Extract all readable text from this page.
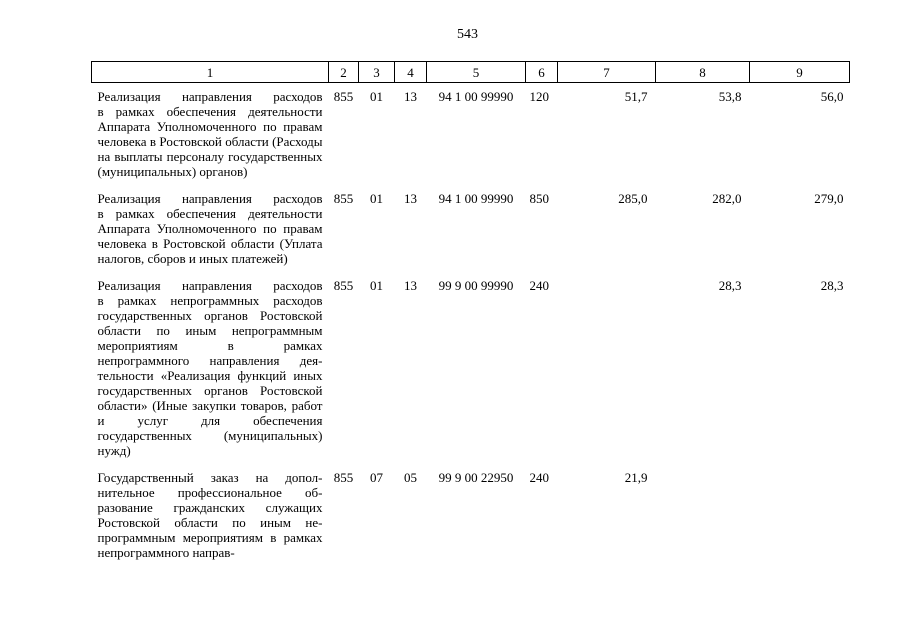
543
1	2	3	4	5	6	7	8	9
Реализация направления расходов в рамках обеспечения деятельности Аппарата Уполномоченного по правам человека в Ростовской области (Расходы на выплаты персоналу государственных (муниципальных) органов)	855	01	13	94 1 00 99990	120	51,7	53,8	56,0
Реализация направления расходов в рамках обеспечения деятельности Аппарата Уполномоченного по правам человека в Ростовской области (Уплата налогов, сборов и иных платежей)	855	01	13	94 1 00 99990	850	285,0	282,0	279,0
Реализация направления расходов в рамках непрограммных расходов государственных органов Ростовской области по иным непрограммным мероприятиям в рамках непрограммного направления деятельности «Реализация функций иных государственных органов Ростовской области» (Иные закупки товаров, работ и услуг для обеспечения государственных (муниципальных) нужд)	855	01	13	99 9 00 99990	240		28,3	28,3
Государственный заказ на дополнительное профессиональное образование гражданских служащих Ростовской области по иным непрограммным мероприятиям в рамках непрограммного направ-	855	07	05	99 9 00 22950	240	21,9		
